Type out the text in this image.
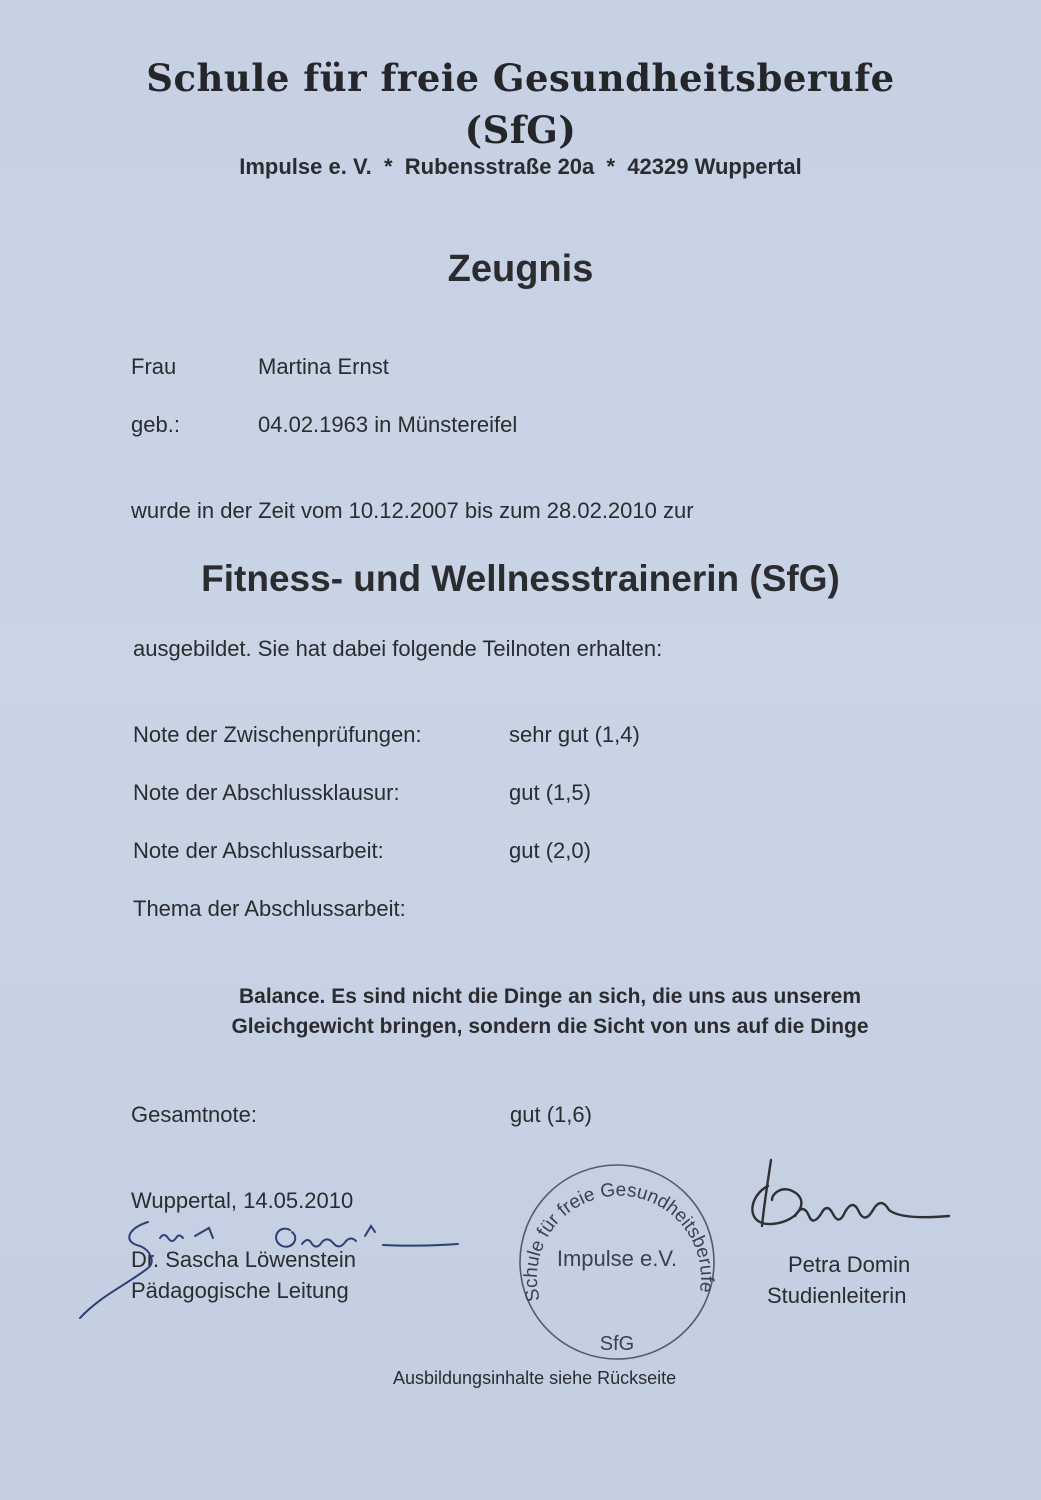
Schule für freie Gesundheitsberufe
(SfG)
Impulse e. V. * Rubensstraße 20a * 42329 Wuppertal
Zeugnis
Frau	Martina Ernst
geb.:	04.02.1963 in Münstereifel
wurde in der Zeit vom 10.12.2007 bis zum 28.02.2010 zur
Fitness- und Wellnesstrainerin (SfG)
ausgebildet. Sie hat dabei folgende Teilnoten erhalten:
Note der Zwischenprüfungen:	sehr gut (1,4)
Note der Abschlussklausur:	gut (1,5)
Note der Abschlussarbeit:	gut (2,0)
Thema der Abschlussarbeit:
Balance. Es sind nicht die Dinge an sich, die uns aus unserem
Gleichgewicht bringen, sondern die Sicht von uns auf die Dinge
Gesamtnote:	gut (1,6)
Wuppertal, 14.05.2010
Dr. Sascha Löwenstein
Pädagogische Leitung
Petra Domin
Studienleiterin
Ausbildungsinhalte siehe Rückseite
Schule für freie Gesundheitsberufe
Impulse e.V.
SfG
